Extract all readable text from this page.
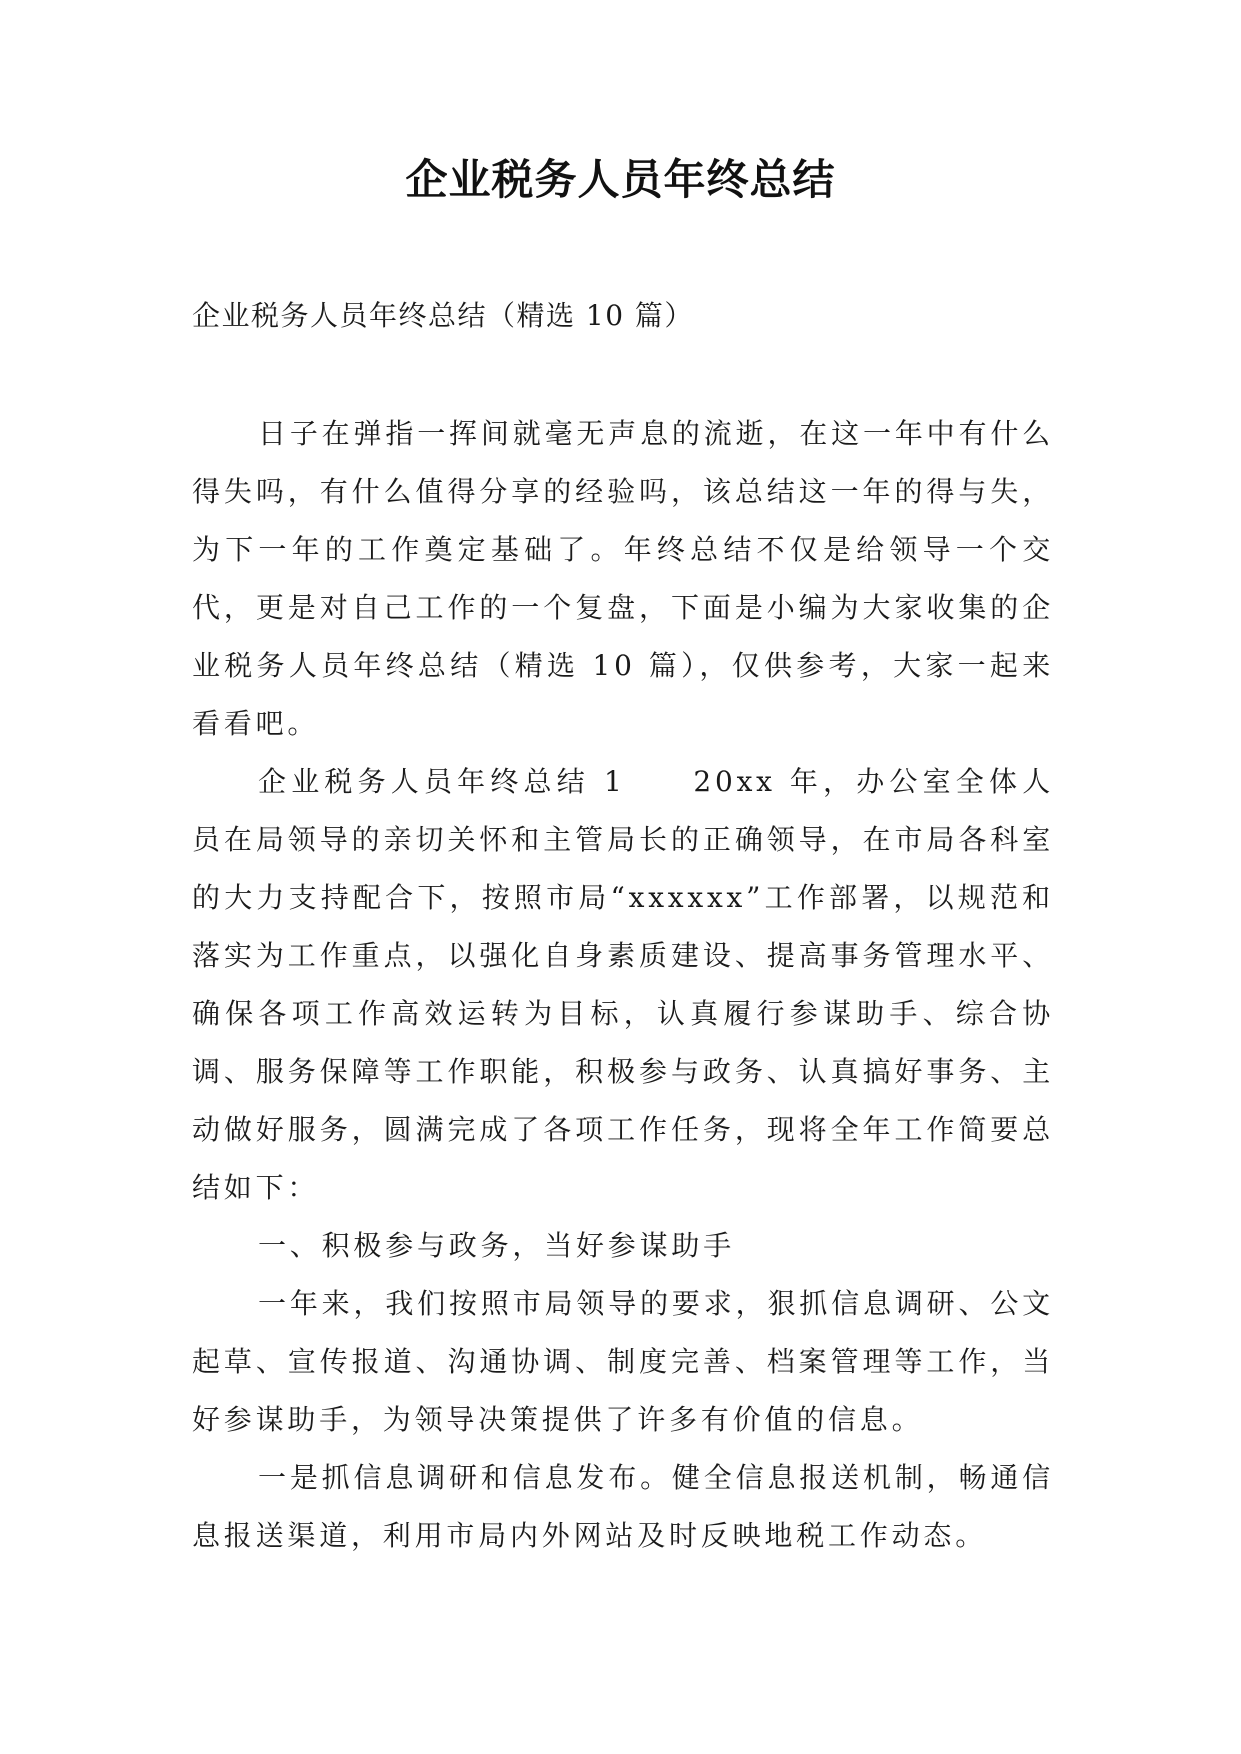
企业税务人员年终总结
企业税务人员年终总结（精选 10 篇）

日子在弹指一挥间就毫无声息的流逝，在这一年中有什么得失吗，有什么值得分享的经验吗，该总结这一年的得与失，为下一年的工作奠定基础了。年终总结不仅是给领导一个交代，更是对自己工作的一个复盘，下面是小编为大家收集的企业税务人员年终总结（精选 10 篇），仅供参考，大家一起来看看吧。

企业税务人员年终总结 1　　20xx 年，办公室全体人员在局领导的亲切关怀和主管局长的正确领导，在市局各科室的大力支持配合下，按照市局“xxxxxx”工作部署，以规范和落实为工作重点，以强化自身素质建设、提高事务管理水平、确保各项工作高效运转为目标，认真履行参谋助手、综合协调、服务保障等工作职能，积极参与政务、认真搞好事务、主动做好服务，圆满完成了各项工作任务，现将全年工作简要总结如下：

一、积极参与政务，当好参谋助手

一年来，我们按照市局领导的要求，狠抓信息调研、公文起草、宣传报道、沟通协调、制度完善、档案管理等工作，当好参谋助手，为领导决策提供了许多有价值的信息。

一是抓信息调研和信息发布。健全信息报送机制，畅通信息报送渠道，利用市局内外网站及时反映地税工作动态。
